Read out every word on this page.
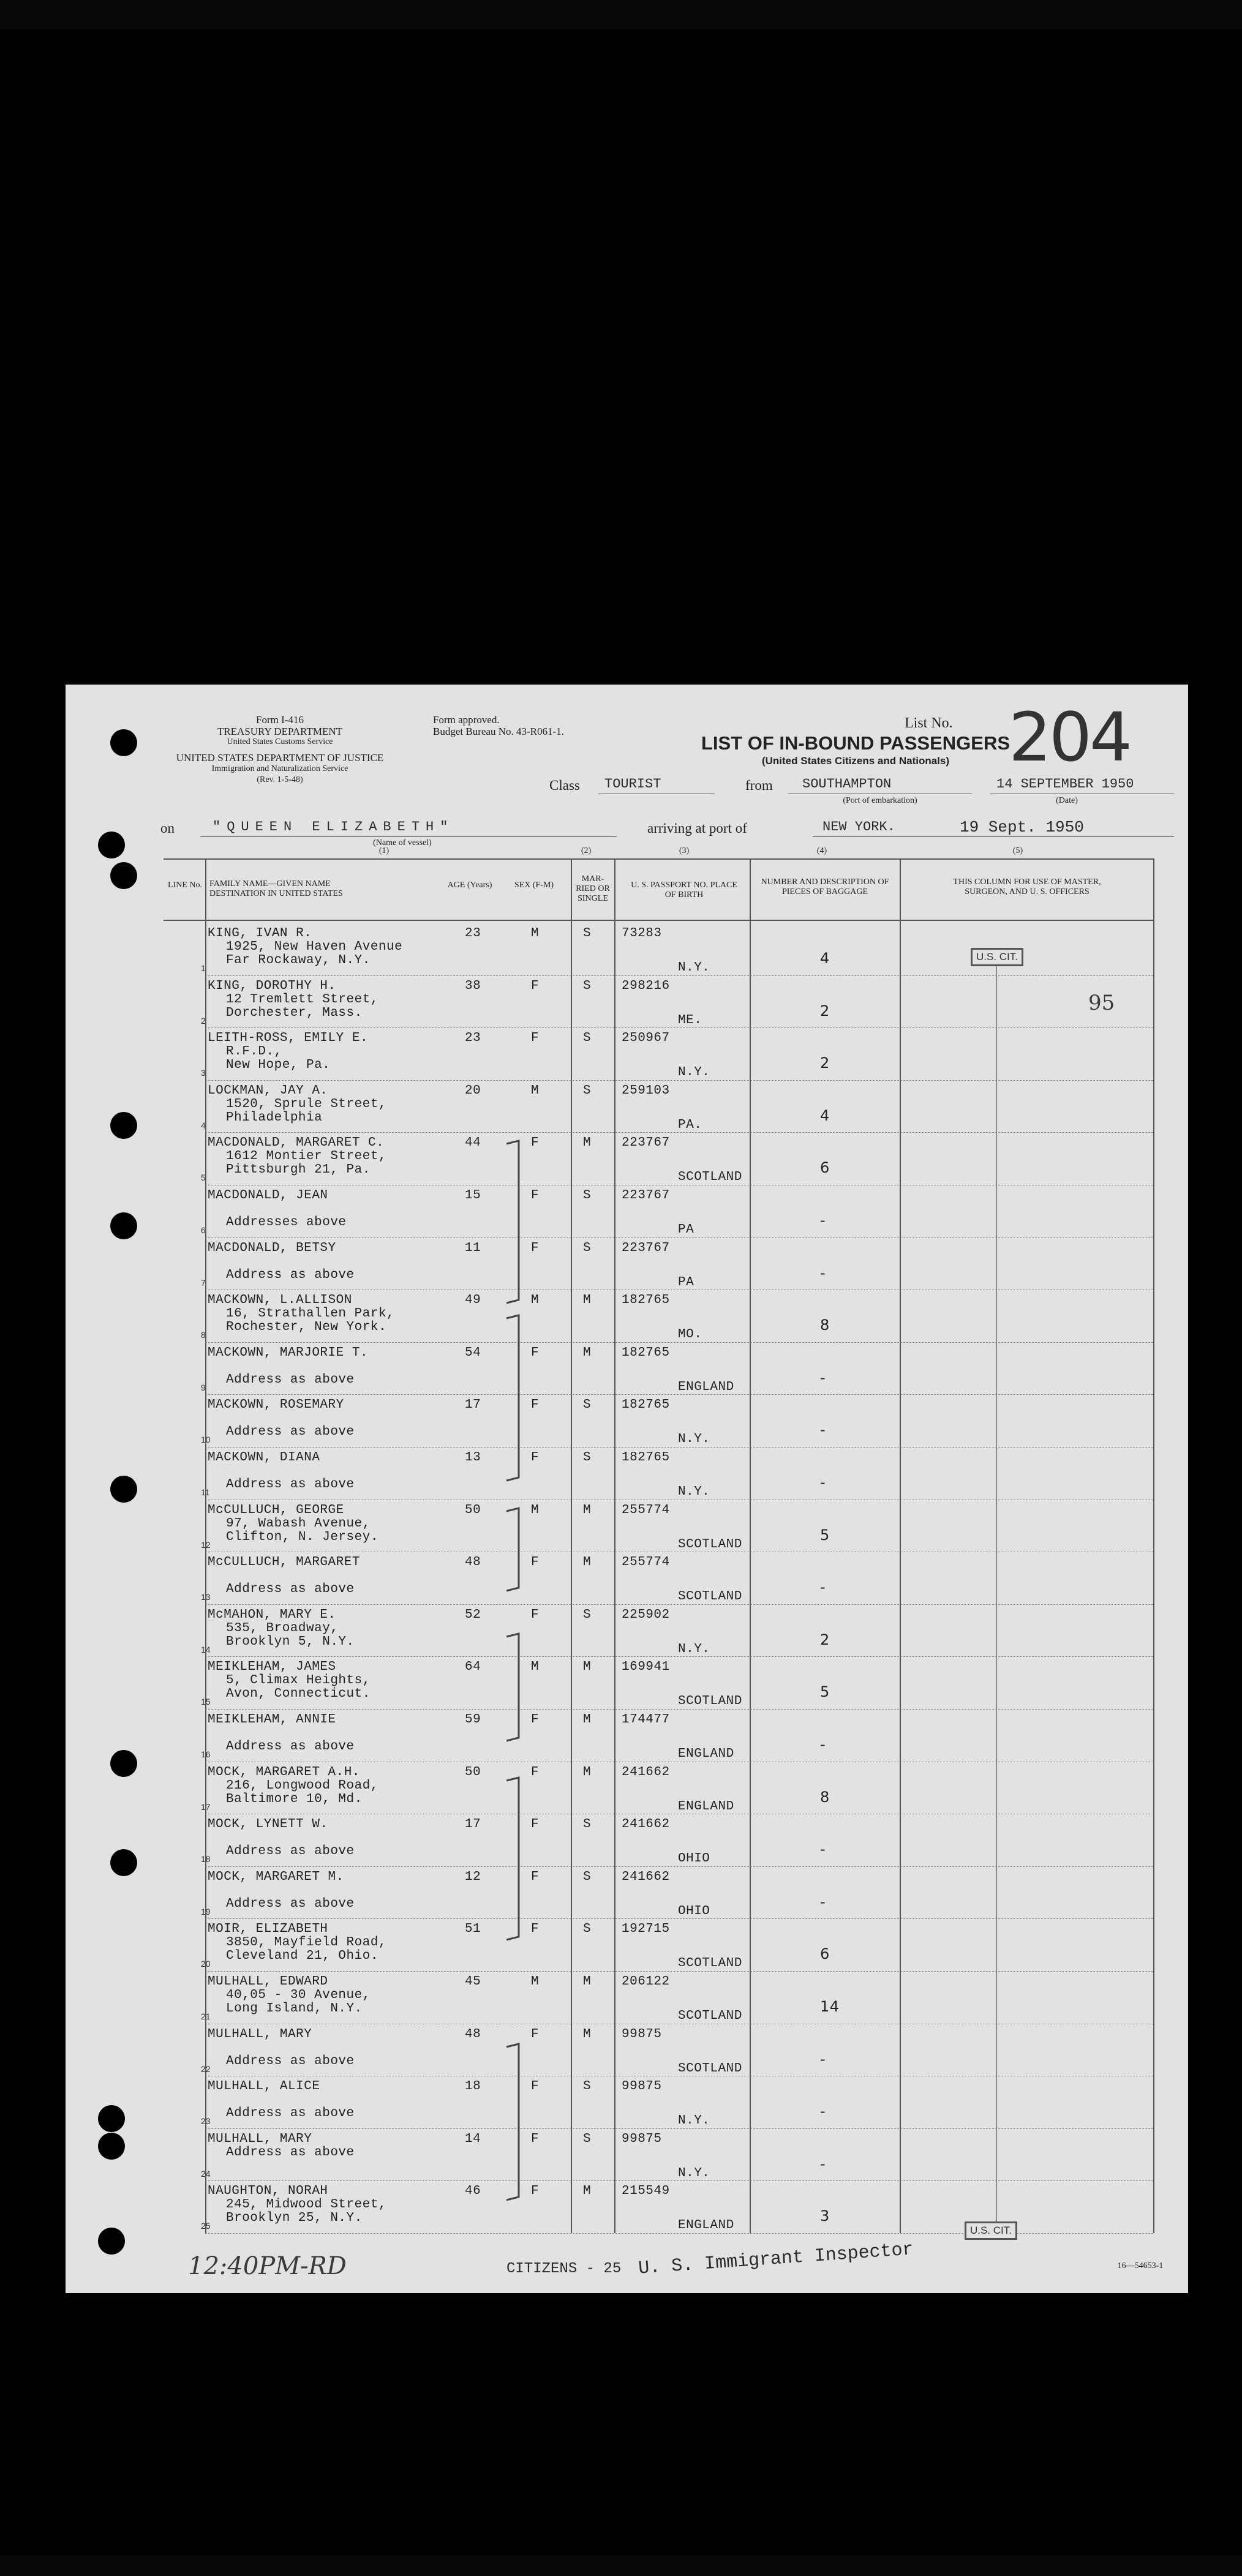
Form I-416
TREASURY DEPARTMENT
United States Customs Service
UNITED STATES DEPARTMENT OF JUSTICE
Immigration and Naturalization Service
(Rev. 1-5-48)
Form approved.
Budget Bureau No. 43-R061-1.
List No. 204
LIST OF IN-BOUND PASSENGERS
(United States Citizens and Nationals)
Class	TOURIST	from	SOUTHAMPTON
(Port of embarkation)
14 SEPTEMBER 1950
(Date)
on	"QUEEN ELIZABETH"
(Name of vessel)
arriving at port of	NEW YORK.	19 Sept. 1950
(1)	(2)	(3)	(4)	(5)
LINE No. FAMILY NAME—GIVEN NAME DESTINATION IN UNITED STATES
AGE (Years)	SEX (F-M)
MAR-RIED OR SINGLE
U. S. PASSPORT NO. PLACE OF BIRTH
NUMBER AND DESCRIPTION OF PIECES OF BAGGAGE
THIS COLUMN FOR USE OF MASTER, SURGEON, AND U. S. OFFICERS
1
KING, IVAN R.
1925, New Haven Avenue
Far Rockaway, N.Y.
23	M	S 73283
N.Y.
4
2
KING, DOROTHY H.
12 Tremlett Street,
Dorchester, Mass.
38	F	S 298216
ME.
2
3
LEITH-ROSS, EMILY E.
R.F.D.,
New Hope, Pa.
23	F	S 250967
N.Y.
2
4
LOCKMAN, JAY A.
1520, Sprule Street,
Philadelphia
20	M	S 259103
PA.
4
5
MACDONALD, MARGARET C.
1612 Montier Street,
Pittsburgh 21, Pa.
44	F	M 223767
SCOTLAND
6
6
MACDONALD, JEAN
Addresses above
15	F	S 223767
PA
-
7
MACDONALD, BETSY
Address as above
11	F	S 223767
PA
-
8
MACKOWN, L.ALLISON
16, Strathallen Park,
Rochester, New York.
49	M	M 182765
MO.
8
9
MACKOWN, MARJORIE T.
Address as above
54	F	M 182765
ENGLAND
-
10
MACKOWN, ROSEMARY
Address as above
17	F	S 182765
N.Y.
-
11
MACKOWN, DIANA
Address as above
13	F	S 182765
N.Y.
-
12
McCULLUCH, GEORGE
97, Wabash Avenue,
Clifton, N. Jersey.
50	M	M 255774
SCOTLAND
5
13
McCULLUCH, MARGARET
Address as above
48	F	M 255774
SCOTLAND
-
14
McMAHON, MARY E.
535, Broadway,
Brooklyn 5, N.Y.
52	F	S 225902
N.Y.
2
15
MEIKLEHAM, JAMES
5, Climax Heights,
Avon, Connecticut.
64	M	M 169941
SCOTLAND
5
16
MEIKLEHAM, ANNIE
Address as above
59	F	M 174477
ENGLAND
-
17
MOCK, MARGARET A.H.
216, Longwood Road,
Baltimore 10, Md.
50	F	M 241662
ENGLAND
8
18
MOCK, LYNETT W.
Address as above
17	F	S 241662
OHIO
-
19
MOCK, MARGARET M.
Address as above
12	F	S 241662
OHIO
-
20
MOIR, ELIZABETH
3850, Mayfield Road,
Cleveland 21, Ohio.
51	F	S 192715
SCOTLAND
6
21
MULHALL, EDWARD
40,05 - 30 Avenue,
Long Island, N.Y.
45	M	M 206122
SCOTLAND
14
22
MULHALL, MARY
Address as above
48	F	M 99875
SCOTLAND
-
23
MULHALL, ALICE
Address as above
18	F	S 99875
N.Y.
-
24
MULHALL, MARY
Address as above
14	F	S 99875
N.Y.
-
25
NAUGHTON, NORAH
245, Midwood Street,
Brooklyn 25, N.Y.
46	F	M 215549
ENGLAND
3
U.S. CIT.
95
U.S. CIT.
12:40PM-RD	CITIZENS - 25 U. S. Immigrant Inspector	16—54653-1
